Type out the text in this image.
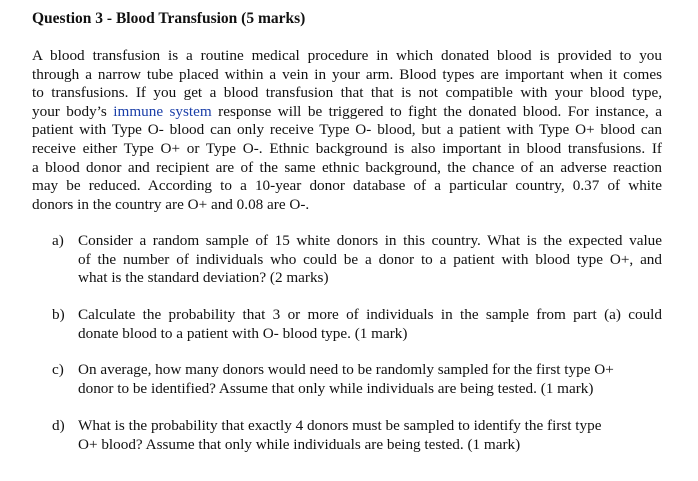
Question 3 - Blood Transfusion (5 marks)
A blood transfusion is a routine medical procedure in which donated blood is provided to you
through a narrow tube placed within a vein in your arm. Blood types are important when it comes
to transfusions. If you get a blood transfusion that that is not compatible with your blood type,
your body’s immune system response will be triggered to fight the donated blood. For instance, a
patient with Type O- blood can only receive Type O- blood, but a patient with Type O+ blood can
receive either Type O+ or Type O-. Ethnic background is also important in blood transfusions. If
a blood donor and recipient are of the same ethnic background, the chance of an adverse reaction
may be reduced. According to a 10-year donor database of a particular country, 0.37 of white
donors in the country are O+ and 0.08 are O-.
a) Consider a random sample of 15 white donors in this country. What is the expected value
of the number of individuals who could be a donor to a patient with blood type O+, and
what is the standard deviation? (2 marks)
b) Calculate the probability that 3 or more of individuals in the sample from part (a) could
donate blood to a patient with O- blood type. (1 mark)
c) On average, how many donors would need to be randomly sampled for the first type O+
donor to be identified? Assume that only while individuals are being tested. (1 mark)
d) What is the probability that exactly 4 donors must be sampled to identify the first type
O+ blood? Assume that only while individuals are being tested. (1 mark)
